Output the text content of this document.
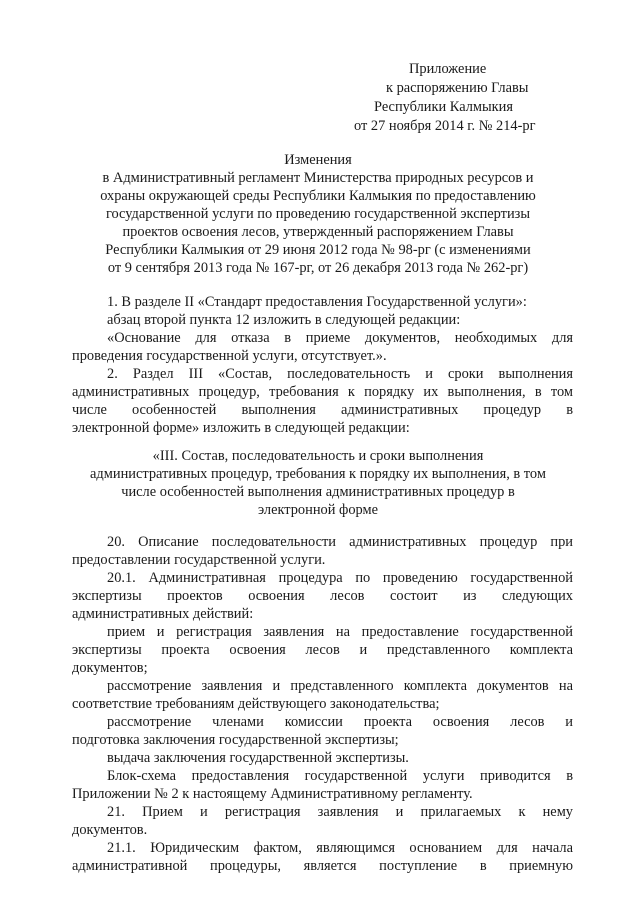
Приложение
к распоряжению Главы
Республики Калмыкия
от 27 ноября 2014 г. № 214-рг
Изменения
в Административный регламент Министерства природных ресурсов и
охраны окружающей среды Республики Калмыкия по предоставлению
государственной услуги по проведению государственной экспертизы
проектов освоения лесов, утвержденный распоряжением Главы
Республики Калмыкия от 29 июня 2012 года № 98-рг (с изменениями
от 9 сентября 2013 года № 167-рг, от 26 декабря 2013 года № 262-рг)
1. В разделе II «Стандарт предоставления Государственной услуги»:
абзац второй пункта 12 изложить в следующей редакции:
«Основание для отказа в приеме документов, необходимых для
проведения государственной услуги, отсутствует.».
2. Раздел III «Состав, последовательность и сроки выполнения
административных процедур, требования к порядку их выполнения, в том
числе особенностей выполнения административных процедур в
электронной форме» изложить в следующей редакции:
«III. Состав, последовательность и сроки выполнения
административных процедур, требования к порядку их выполнения, в том
числе особенностей выполнения административных процедур в
электронной форме
20. Описание последовательности административных процедур при
предоставлении государственной услуги.
20.1. Административная процедура по проведению государственной
экспертизы проектов освоения лесов состоит из следующих
административных действий:
прием и регистрация заявления на предоставление государственной
экспертизы проекта освоения лесов и представленного комплекта
документов;
рассмотрение заявления и представленного комплекта документов на
соответствие требованиям действующего законодательства;
рассмотрение членами комиссии проекта освоения лесов и
подготовка заключения государственной экспертизы;
выдача заключения государственной экспертизы.
Блок-схема предоставления государственной услуги приводится в
Приложении № 2 к настоящему Административному регламенту.
21. Прием и регистрация заявления и прилагаемых к нему
документов.
21.1. Юридическим фактом, являющимся основанием для начала
административной процедуры, является поступление в приемную
